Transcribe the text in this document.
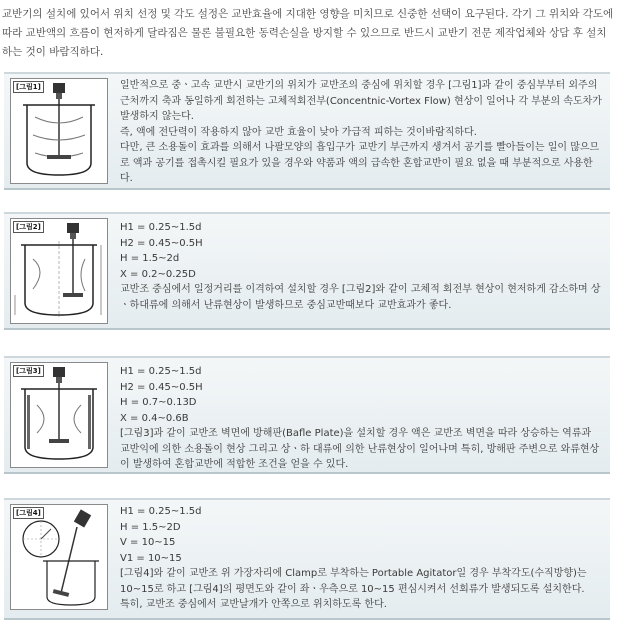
교반기의 설치에 있어서 위치 선정 및 각도 설정은 교반효율에 지대한 영향을 미치므로 신중한 선택이 요구된다. 각기 그 위치와 각도에 따라 교반액의 흐름이 현저하게 달라짐은 물론 불필요한 동력손실을 방지할 수 있으므로 반드시 교반기 전문 제작업체와 상담 후 설치하는 것이 바람직하다.
[그림1]	일반적으로 중ㆍ고속 교반시 교반기의 위치가 교반조의 중심에 위치할 경우 [그림1]과 같이 중심부부터 외주의 근처까지 축과 동일하게 회전하는 고체적회전부(Concentnic-Vortex Flow) 현상이 일어나 각 부분의 속도차가 발생하지 않는다.

즉, 액에 전단력이 작용하지 않아 교반 효율이 낮아 가급적 피하는 것이바람직하다.

다만, 큰 소용돌이 효과를 의해서 나팔모양의 흡입구가 교반기 부근까지 생겨서 공기를 빨아들이는 일이 많으므로 액과 공기를 접촉시킬 필요가 있을 경우와 약품과 액의 급속한 혼합교반이 필요 없을 때 부분적으로 사용한다.

[그림2]	H1 = 0.25~1.5d
H2 = 0.45~0.5H
H = 1.5~2d
X = 0.2~0.25D

교반조 중심에서 일정거리를 이격하여 설치할 경우 [그림2]와 같이 고체적 회전부 현상이 현저하게 감소하며 상ㆍ하대류에 의해서 난류현상이 발생하므로 중심교반때보다 교반효과가 좋다.

[그림3]	H1 = 0.25~1.5d
H2 = 0.45~0.5H
H = 0.7~0.13D
X = 0.4~0.6B

[그림3]과 같이 교반조 벽면에 방해판(Bafle Plate)을 설치할 경우 액은 교반조 벽면을 따라 상승하는 역류과 교반익에 의한 소용돌이 현상 그리고 상ㆍ하 대류에 의한 난류현상이 일어나며 특히, 방해판 주변으로 와류현상이 발생하여 혼합교반에 적합한 조건을 얻을 수 있다.

[그림4]	H1 = 0.25~1.5d
H = 1.5~2D
V = 10~15
V1 = 10~15

[그림4]와 같이 교반조 위 가장자리에 Clamp로 부착하는 Portable Agitator일 경우 부착각도(수직방향)는 10~15로 하고 [그림4]의 평면도와 같이 좌ㆍ우측으로 10~15 편심시켜서 선회류가 발생되도록 설치한다.

특히, 교반조 중심에서 교반날개가 안쪽으로 위치하도록 한다.
